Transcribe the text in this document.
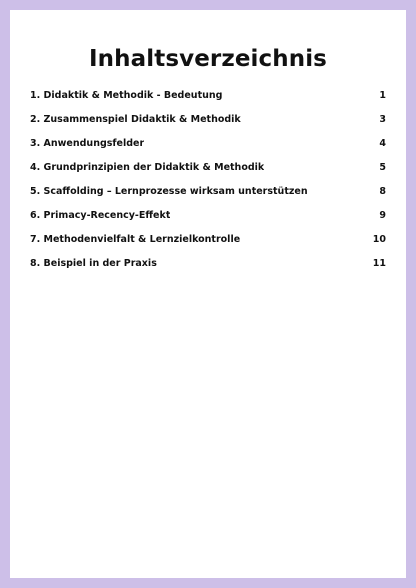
Inhaltsverzeichnis
1. Didaktik & Methodik - Bedeutung	1
2. Zusammenspiel Didaktik & Methodik	3
3. Anwendungsfelder	4
4. Grundprinzipien der Didaktik & Methodik	5
5. Scaffolding – Lernprozesse wirksam unterstützen	8
6. Primacy-Recency-Effekt	9
7. Methodenvielfalt & Lernzielkontrolle	10
8. Beispiel in der Praxis	11
